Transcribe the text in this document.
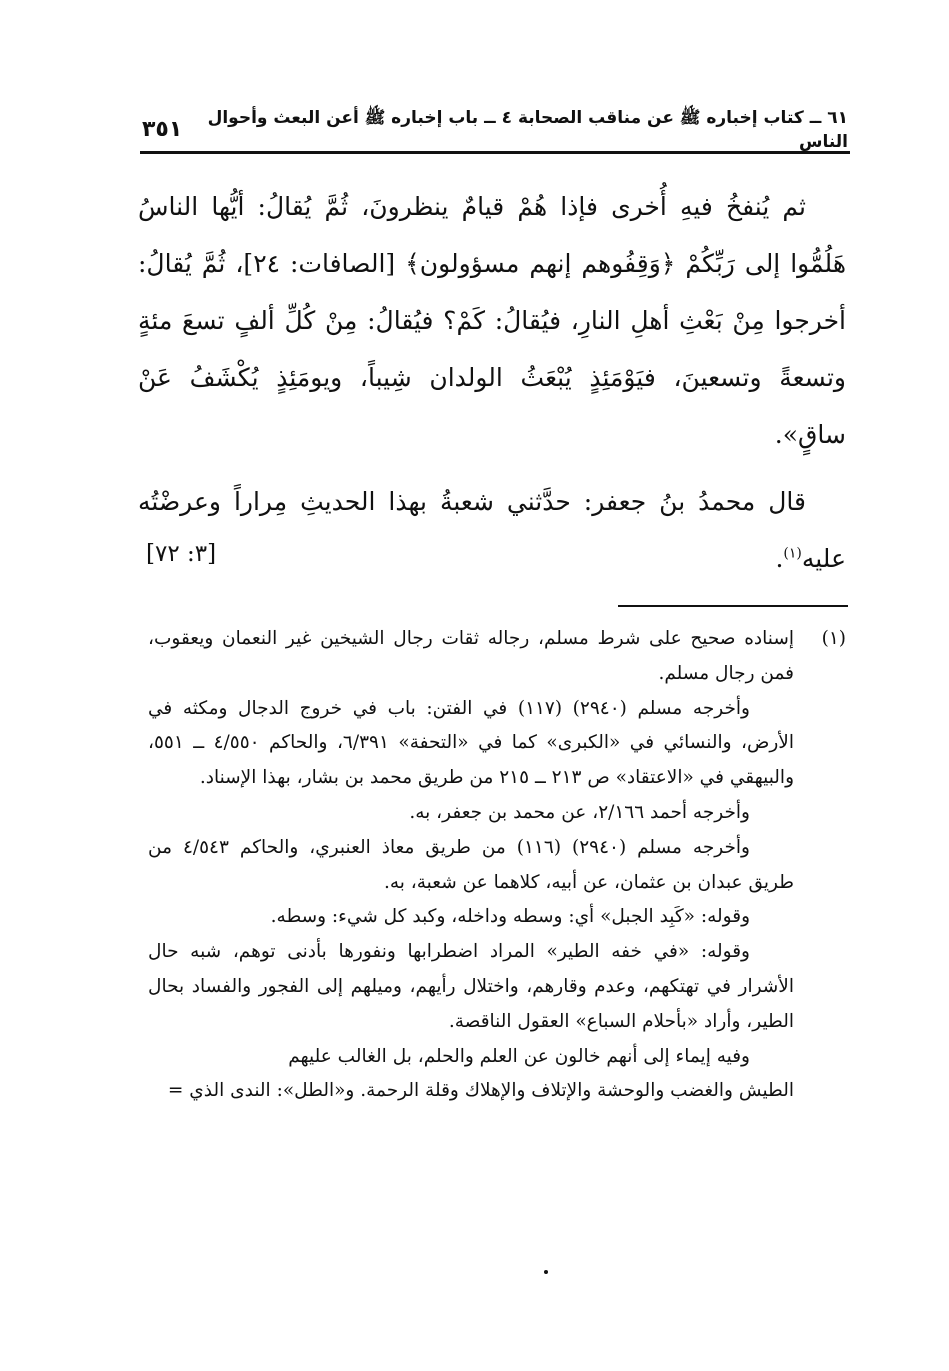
٦١ ــ كتاب إخباره ﷺ عن مناقب الصحابة ٤ ــ باب إخباره ﷺ أعن البعث وأحوال الناس
٣٥١

ثم يُنفخُ فيهِ أُخرى فإذا هُمْ قيامٌ ينظرونَ، ثُمَّ يُقالُ: أيُّها الناسُ هَلُمُّوا إلى رَبِّكُمْ ﴿وَقِفُوهم إنهم مسؤولون﴾ [الصافات: ٢٤]، ثُمَّ يُقالُ: أخرجوا مِنْ بَعْثِ أهلِ النارِ، فيُقالُ: كَمْ؟ فيُقالُ: مِنْ كُلِّ ألفٍ تسعَ مئةٍ وتسعةً وتسعينَ، فيَوْمَئِذٍ يُبْعَثُ الولدان شِيباً، ويومَئِذٍ يُكْشَفُ عَنْ ساقٍ».

قال محمدُ بنُ جعفر: حدَّثني شعبةُ بهذا الحديثِ مِراراً وعرضْتُه عليه$^{(١)}$.
[٣: ٧٢]

(١)

إسناده صحيح على شرط مسلم، رجاله ثقات رجال الشيخين غير النعمان ويعقوب، فمن رجال مسلم.

وأخرجه مسلم (٢٩٤٠) (١١٧) في الفتن: باب في خروج الدجال ومكثه في الأرض، والنسائي في «الكبرى» كما في «التحفة» ٦/٣٩١، والحاكم ٤/٥٥٠ ــ ٥٥١، والبيهقي في «الاعتقاد» ص ٢١٣ ــ ٢١٥ من طريق محمد بن بشار، بهذا الإسناد.

وأخرجه أحمد ٢/١٦٦، عن محمد بن جعفر، به.

وأخرجه مسلم (٢٩٤٠) (١١٦) من طريق معاذ العنبري، والحاكم ٤/٥٤٣ من طريق عبدان بن عثمان، عن أبيه، كلاهما عن شعبة، به.

وقوله: «كَبِد الجبل» أي: وسطه وداخله، وكبد كل شيء: وسطه.

وقوله: «في خفه الطير» المراد اضطرابها ونفورها بأدنى توهم، شبه حال الأشرار في تهتكهم، وعدم وقارهم، واختلال رأيهم، وميلهم إلى الفجور والفساد بحال الطير، وأراد «بأحلام السباع» العقول الناقصة.

وفيه إيماء إلى أنهم خالون عن العلم والحلم، بل الغالب عليهم

الطيش والغضب والوحشة والإتلاف والإهلاك وقلة الرحمة. و«الطل»: الندى الذي =
